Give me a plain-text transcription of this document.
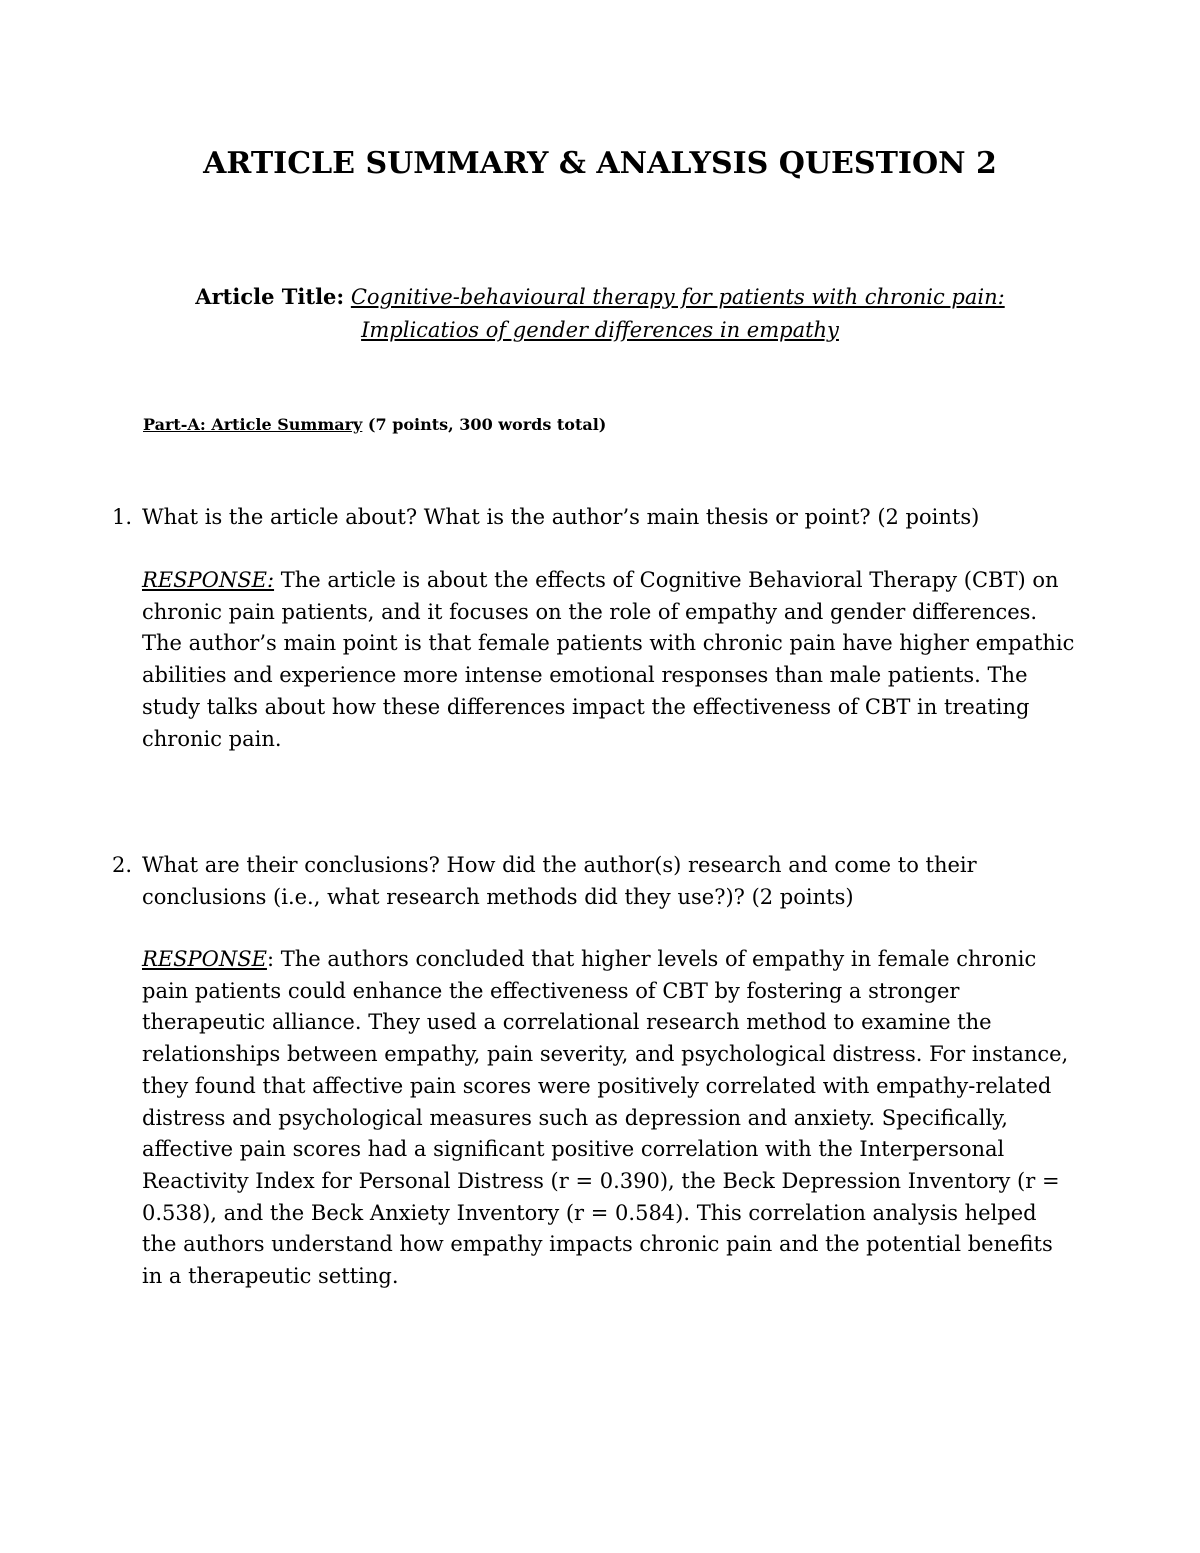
ARTICLE SUMMARY & ANALYSIS QUESTION 2
Article Title: Cognitive-behavioural therapy for patients with chronic pain:
Implicatios of gender differences in empathy
Part-A: Article Summary (7 points, 300 words total)
1. What is the article about? What is the author’s main thesis or point? (2 points)
RESPONSE: The article is about the effects of Cognitive Behavioral Therapy (CBT) on chronic pain patients, and it focuses on the role of empathy and gender differences. The author’s main point is that female patients with chronic pain have higher empathic abilities and experience more intense emotional responses than male patients. The study talks about how these differences impact the effectiveness of CBT in treating chronic pain.
2. What are their conclusions? How did the author(s) research and come to their conclusions (i.e., what research methods did they use?)? (2 points)
RESPONSE: The authors concluded that higher levels of empathy in female chronic pain patients could enhance the effectiveness of CBT by fostering a stronger therapeutic alliance. They used a correlational research method to examine the relationships between empathy, pain severity, and psychological distress. For instance, they found that affective pain scores were positively correlated with empathy-related distress and psychological measures such as depression and anxiety. Specifically, affective pain scores had a significant positive correlation with the Interpersonal Reactivity Index for Personal Distress (r = 0.390), the Beck Depression Inventory (r = 0.538), and the Beck Anxiety Inventory (r = 0.584). This correlation analysis helped the authors understand how empathy impacts chronic pain and the potential benefits in a therapeutic setting.
